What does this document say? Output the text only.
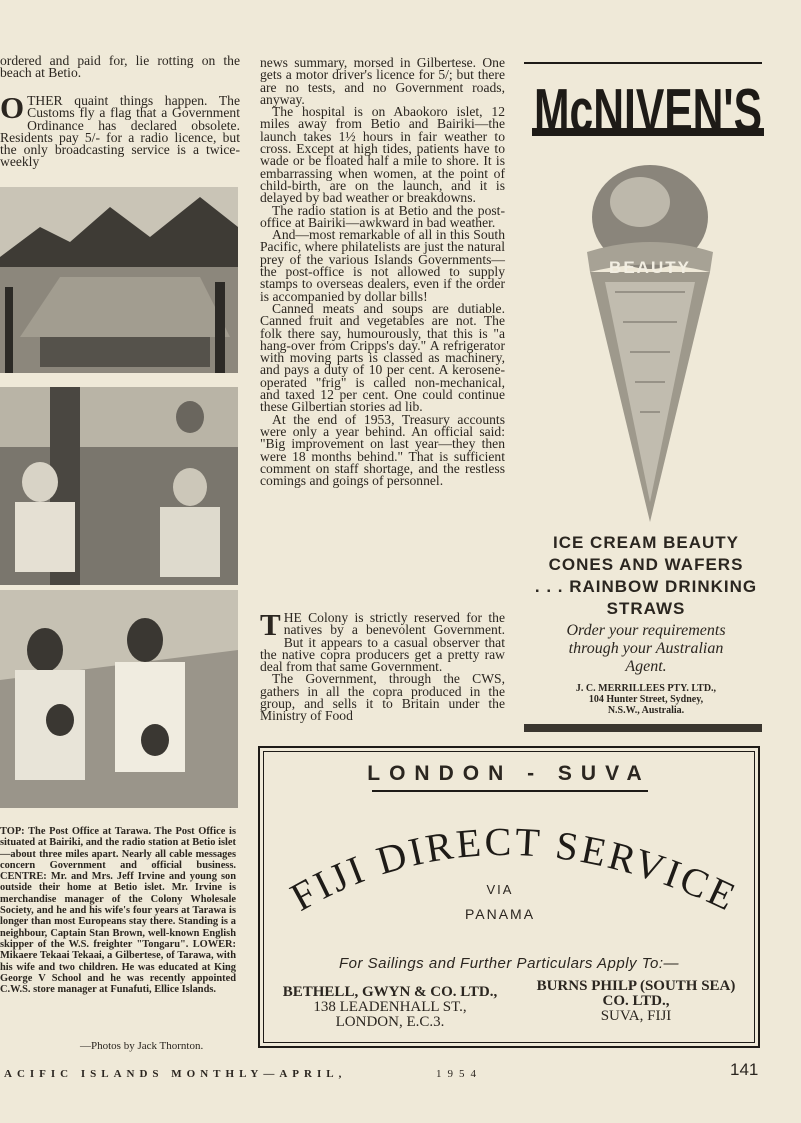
ordered and paid for, lie rotting on the beach at Betio.

OTHER quaint things happen. The Customs fly a flag that a Government Ordinance has declared obsolete. Residents pay 5/- for a radio licence, but the only broadcasting service is a twice-weekly

TOP: The Post Office at Tarawa. The Post Office is situated at Bairiki, and the radio station at Betio islet—about three miles apart. Nearly all cable messages concern Government and official business. CENTRE: Mr. and Mrs. Jeff Irvine and young son outside their home at Betio islet. Mr. Irvine is merchandise manager of the Colony Wholesale Society, and he and his wife's four years at Tarawa is longer than most Europeans stay there. Standing is a neighbour, Captain Stan Brown, well-known English skipper of the W.S. freighter "Tongaru". LOWER: Mikaere Tekaai Tekaai, a Gilbertese, of Tarawa, with his wife and two children. He was educated at King George V School and he was recently appointed C.W.S. store manager at Funafuti, Ellice Islands.
—Photos by Jack Thornton.

news summary, morsed in Gilbertese. One gets a motor driver's licence for 5/; but there are no tests, and no Government roads, anyway.

The hospital is on Abaokoro islet, 12 miles away from Betio and Bairiki—the launch takes 1½ hours in fair weather to cross. Except at high tides, patients have to wade or be floated half a mile to shore. It is embarrassing when women, at the point of child-birth, are on the launch, and it is delayed by bad weather or breakdowns.

The radio station is at Betio and the post-office at Bairiki—awkward in bad weather.

And—most remarkable of all in this South Pacific, where philatelists are just the natural prey of the various Islands Governments—the post-office is not allowed to supply stamps to overseas dealers, even if the order is accompanied by dollar bills!

Canned meats and soups are dutiable. Canned fruit and vegetables are not. The folk there say, humourously, that this is "a hang-over from Cripps's day." A refrigerator with moving parts is classed as machinery, and pays a duty of 10 per cent. A kerosene-operated "frig" is called non-mechanical, and taxed 12 per cent. One could continue these Gilbertian stories ad lib.

At the end of 1953, Treasury accounts were only a year behind. An official said: "Big improvement on last year—they then were 18 months behind." That is sufficient comment on staff shortage, and the restless comings and goings of personnel.

THE Colony is strictly reserved for the natives by a benevolent Government. But it appears to a casual observer that the native copra producers get a pretty raw deal from that same Government.

The Government, through the CWS, gathers in all the copra produced in the group, and sells it to Britain under the Ministry of Food

McNIVEN'S
BEAUTY
ICE CREAM BEAUTY
CONES AND WAFERS
. . . RAINBOW DRINKING
STRAWS
Order your requirements
through your Australian
Agent.
J. C. MERRILLEES PTY. LTD.,
104 Hunter Street, Sydney,
N.S.W., Australia.
LONDON - SUVA
FIJI DIRECT SERVICE
VIA
PANAMA
For Sailings and Further Particulars Apply To:—
BETHELL, GWYN & CO. LTD.,
138 LEADENHALL ST.,
LONDON, E.C.3.
BURNS PHILP (SOUTH SEA)
CO. LTD.,
SUVA, FIJI
ACIFIC ISLANDS MONTHLY—APRIL,	1954	141
